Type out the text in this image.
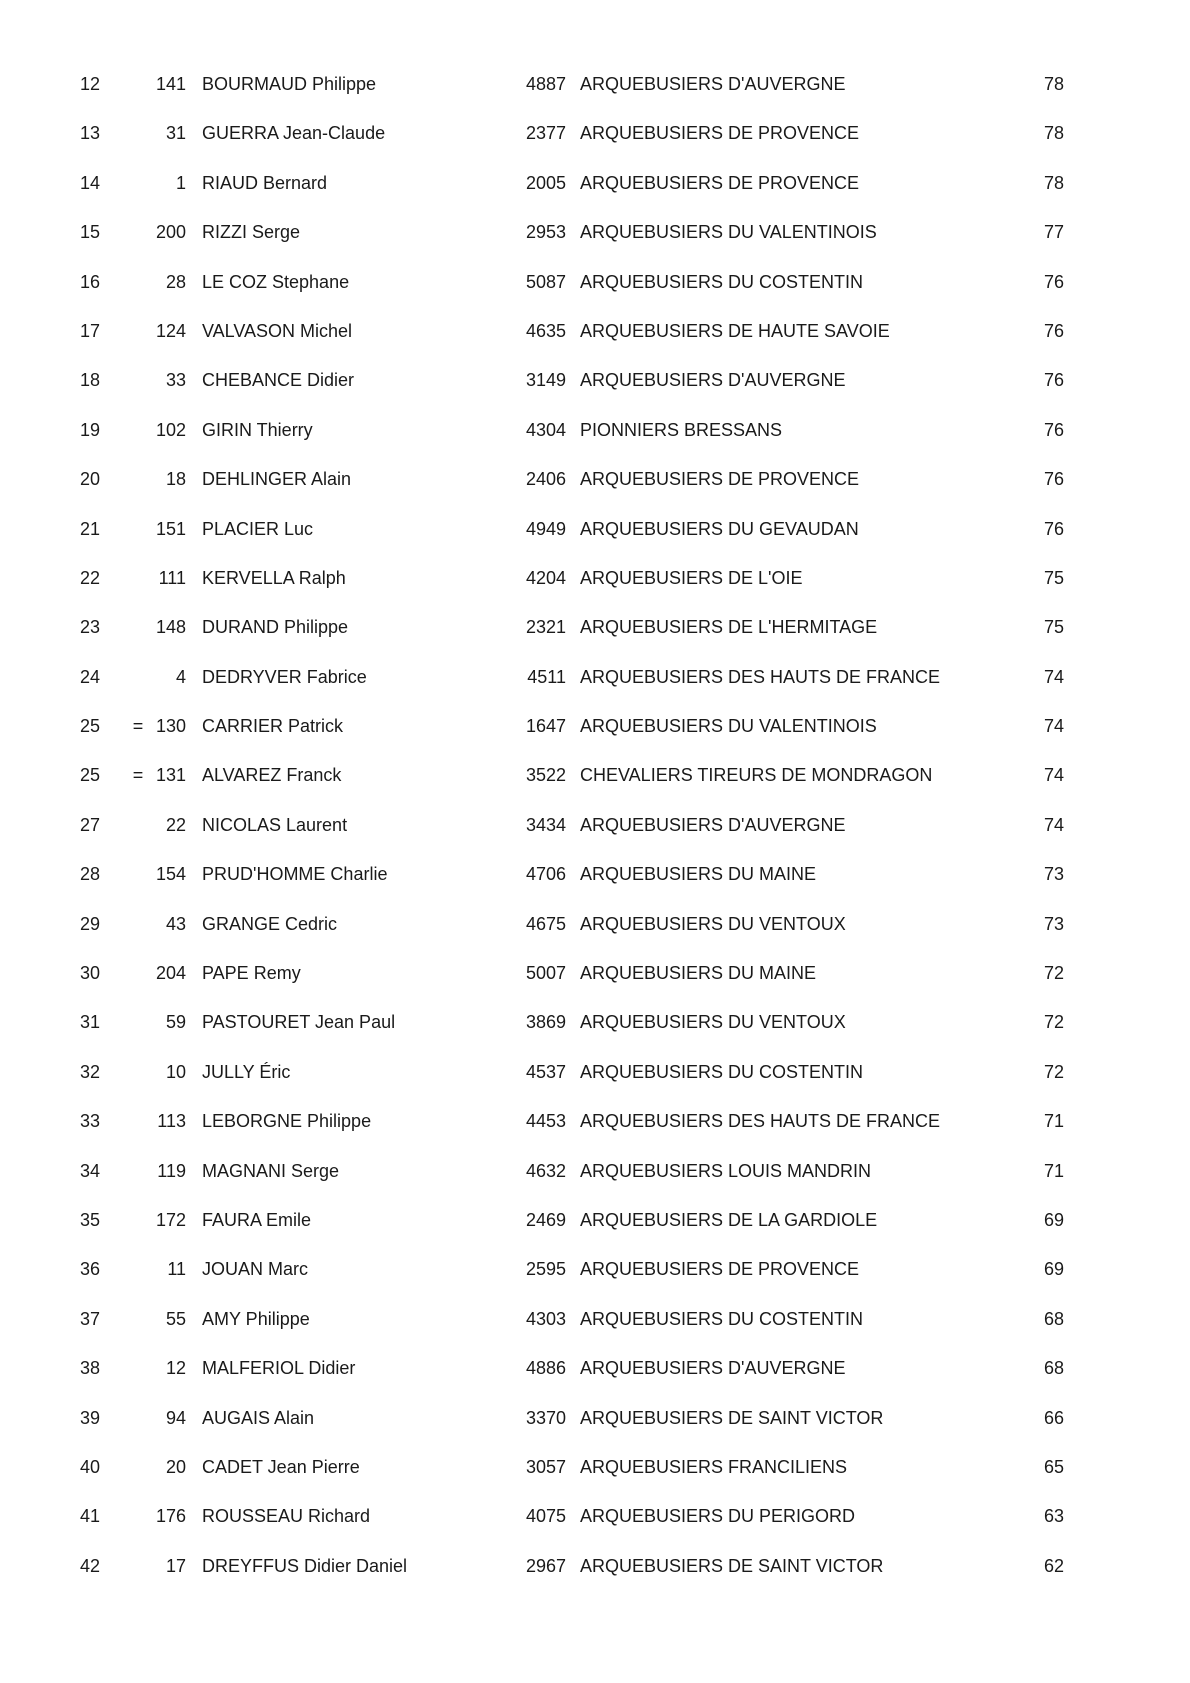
12	141 BOURMAUD Philippe	4887 ARQUEBUSIERS D'AUVERGNE	78
13	31 GUERRA Jean-Claude	2377 ARQUEBUSIERS DE PROVENCE	78
14	1 RIAUD Bernard	2005 ARQUEBUSIERS DE PROVENCE	78
15	200 RIZZI Serge	2953 ARQUEBUSIERS DU VALENTINOIS	77
16	28 LE COZ Stephane	5087 ARQUEBUSIERS DU COSTENTIN	76
17	124 VALVASON Michel	4635 ARQUEBUSIERS DE HAUTE SAVOIE	76
18	33 CHEBANCE Didier	3149 ARQUEBUSIERS D'AUVERGNE	76
19	102 GIRIN Thierry	4304 PIONNIERS BRESSANS	76
20	18 DEHLINGER Alain	2406 ARQUEBUSIERS DE PROVENCE	76
21	151 PLACIER Luc	4949 ARQUEBUSIERS DU GEVAUDAN	76
22	111 KERVELLA Ralph	4204 ARQUEBUSIERS DE L'OIE	75
23	148 DURAND Philippe	2321 ARQUEBUSIERS DE L'HERMITAGE	75
24	4 DEDRYVER Fabrice	4511 ARQUEBUSIERS DES HAUTS DE FRANCE	74
25	= 130 CARRIER Patrick	1647 ARQUEBUSIERS DU VALENTINOIS	74
25	= 131 ALVAREZ Franck	3522 CHEVALIERS TIREURS DE MONDRAGON	74
27	22 NICOLAS Laurent	3434 ARQUEBUSIERS D'AUVERGNE	74
28	154 PRUD'HOMME Charlie	4706 ARQUEBUSIERS DU MAINE	73
29	43 GRANGE Cedric	4675 ARQUEBUSIERS DU VENTOUX	73
30	204 PAPE Remy	5007 ARQUEBUSIERS DU MAINE	72
31	59 PASTOURET Jean Paul	3869 ARQUEBUSIERS DU VENTOUX	72
32	10 JULLY Éric	4537 ARQUEBUSIERS DU COSTENTIN	72
33	113 LEBORGNE Philippe	4453 ARQUEBUSIERS DES HAUTS DE FRANCE	71
34	119 MAGNANI Serge	4632 ARQUEBUSIERS LOUIS MANDRIN	71
35	172 FAURA Emile	2469 ARQUEBUSIERS DE LA GARDIOLE	69
36	11 JOUAN Marc	2595 ARQUEBUSIERS DE PROVENCE	69
37	55 AMY Philippe	4303 ARQUEBUSIERS DU COSTENTIN	68
38	12 MALFERIOL Didier	4886 ARQUEBUSIERS D'AUVERGNE	68
39	94 AUGAIS Alain	3370 ARQUEBUSIERS DE SAINT VICTOR	66
40	20 CADET Jean Pierre	3057 ARQUEBUSIERS FRANCILIENS	65
41	176 ROUSSEAU Richard	4075 ARQUEBUSIERS DU PERIGORD	63
42	17 DREYFFUS Didier Daniel	2967 ARQUEBUSIERS DE SAINT VICTOR	62
